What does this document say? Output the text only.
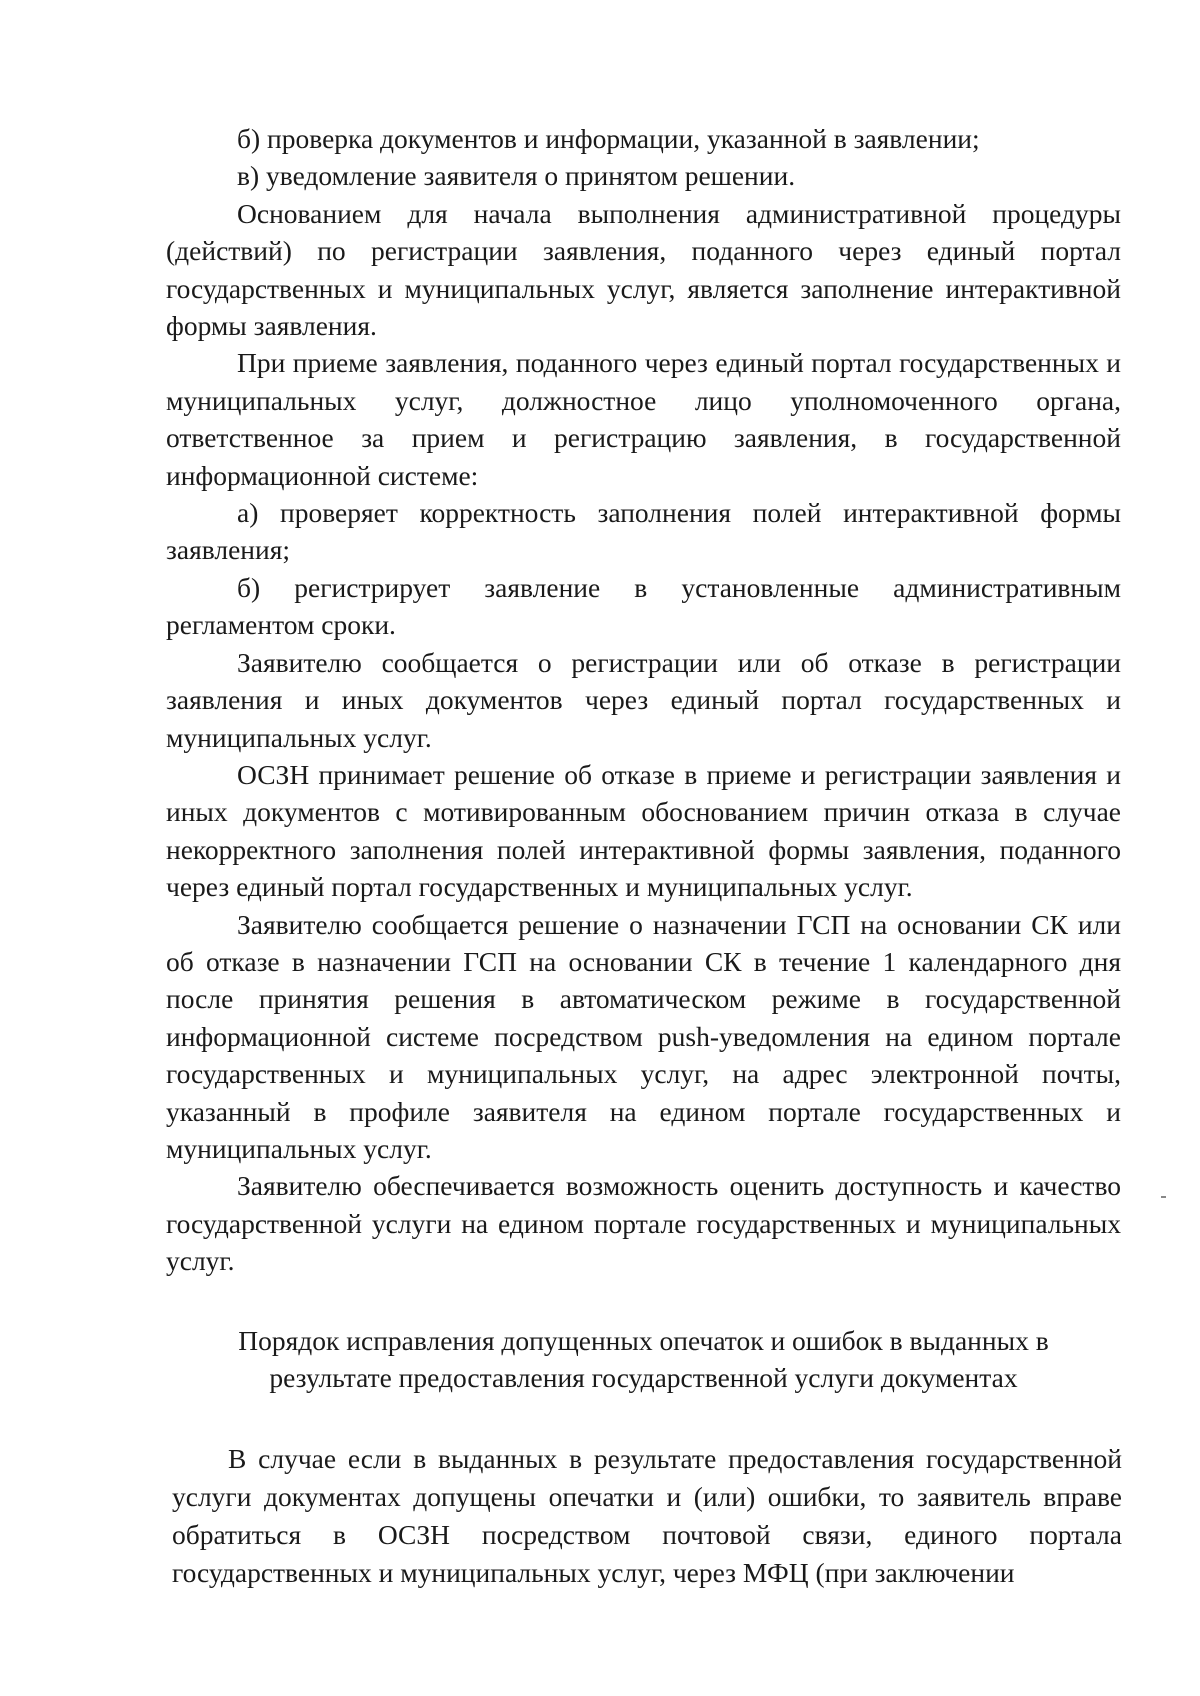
б) проверка документов и информации, указанной в заявлении;

в) уведомление заявителя о принятом решении.

Основанием для начала выполнения административной процедуры (действий) по регистрации заявления, поданного через единый портал государственных и муниципальных услуг, является заполнение интерактивной формы заявления.

При приеме заявления, поданного через единый портал государственных и муниципальных услуг, должностное лицо уполномоченного органа, ответственное за прием и регистрацию заявления, в государственной информационной системе:

а) проверяет корректность заполнения полей интерактивной формы заявления;

б) регистрирует заявление в установленные административным регламентом сроки.

Заявителю сообщается о регистрации или об отказе в регистрации заявления и иных документов через единый портал государственных и муниципальных услуг.

ОСЗН принимает решение об отказе в приеме и регистрации заявления и иных документов с мотивированным обоснованием причин отказа в случае некорректного заполнения полей интерактивной формы заявления, поданного через единый портал государственных и муниципальных услуг.

Заявителю сообщается решение о назначении ГСП на основании СК или об отказе в назначении ГСП на основании СК в течение 1 календарного дня после принятия решения в автоматическом режиме в государственной информационной системе посредством push-уведомления на едином портале государственных и муниципальных услуг, на адрес электронной почты, указанный в профиле заявителя на едином портале государственных и муниципальных услуг.

Заявителю обеспечивается возможность оценить доступность и качество государственной услуги на едином портале государственных и муниципальных услуг.

Порядок исправления допущенных опечаток и ошибок в выданных в
результате предоставления государственной услуги документах

В случае если в выданных в результате предоставления государственной услуги документах допущены опечатки и (или) ошибки, то заявитель вправе обратиться в ОСЗН посредством почтовой связи, единого портала государственных и муниципальных услуг, через МФЦ (при заключении
